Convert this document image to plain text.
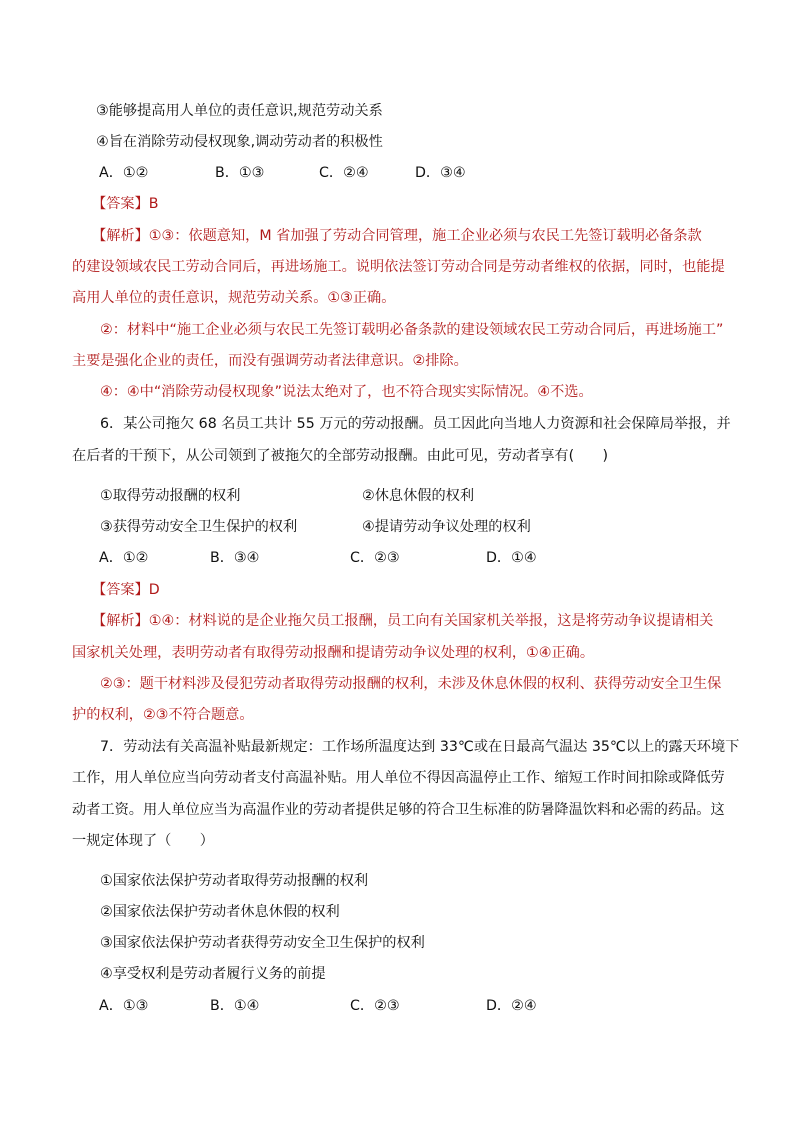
③能够提高用人单位的责任意识,规范劳动关系
④旨在消除劳动侵权现象,调动劳动者的积极性
A．①②	B．①③	C．②④	D．③④
【答案】B
【解析】①③：依题意知，M 省加强了劳动合同管理，施工企业必须与农民工先签订载明必备条款
的建设领域农民工劳动合同后，再进场施工。说明依法签订劳动合同是劳动者维权的依据，同时，也能提
高用人单位的责任意识，规范劳动关系。①③正确。
②：材料中“施工企业必须与农民工先签订载明必备条款的建设领域农民工劳动合同后，再进场施工”
主要是强化企业的责任，而没有强调劳动者法律意识。②排除。
④：④中“消除劳动侵权现象”说法太绝对了，也不符合现实实际情况。④不选。
6．某公司拖欠 68 名员工共计 55 万元的劳动报酬。员工因此向当地人力资源和社会保障局举报，并
在后者的干预下，从公司领到了被拖欠的全部劳动报酬。由此可见，劳动者享有(　　)
①取得劳动报酬的权利	②休息休假的权利
③获得劳动安全卫生保护的权利	④提请劳动争议处理的权利
A．①②	B．③④	C．②③	D．①④
【答案】D
【解析】①④：材料说的是企业拖欠员工报酬，员工向有关国家机关举报，这是将劳动争议提请相关
国家机关处理，表明劳动者有取得劳动报酬和提请劳动争议处理的权利，①④正确。
②③：题干材料涉及侵犯劳动者取得劳动报酬的权利，未涉及休息休假的权利、获得劳动安全卫生保
护的权利，②③不符合题意。
7．劳动法有关高温补贴最新规定：工作场所温度达到 33℃或在日最高气温达 35℃以上的露天环境下
工作，用人单位应当向劳动者支付高温补贴。用人单位不得因高温停止工作、缩短工作时间扣除或降低劳
动者工资。用人单位应当为高温作业的劳动者提供足够的符合卫生标准的防暑降温饮料和必需的药品。这
一规定体现了（　　）
①国家依法保护劳动者取得劳动报酬的权利
②国家依法保护劳动者休息休假的权利
③国家依法保护劳动者获得劳动安全卫生保护的权利
④享受权利是劳动者履行义务的前提
A．①③	B．①④	C．②③	D．②④
